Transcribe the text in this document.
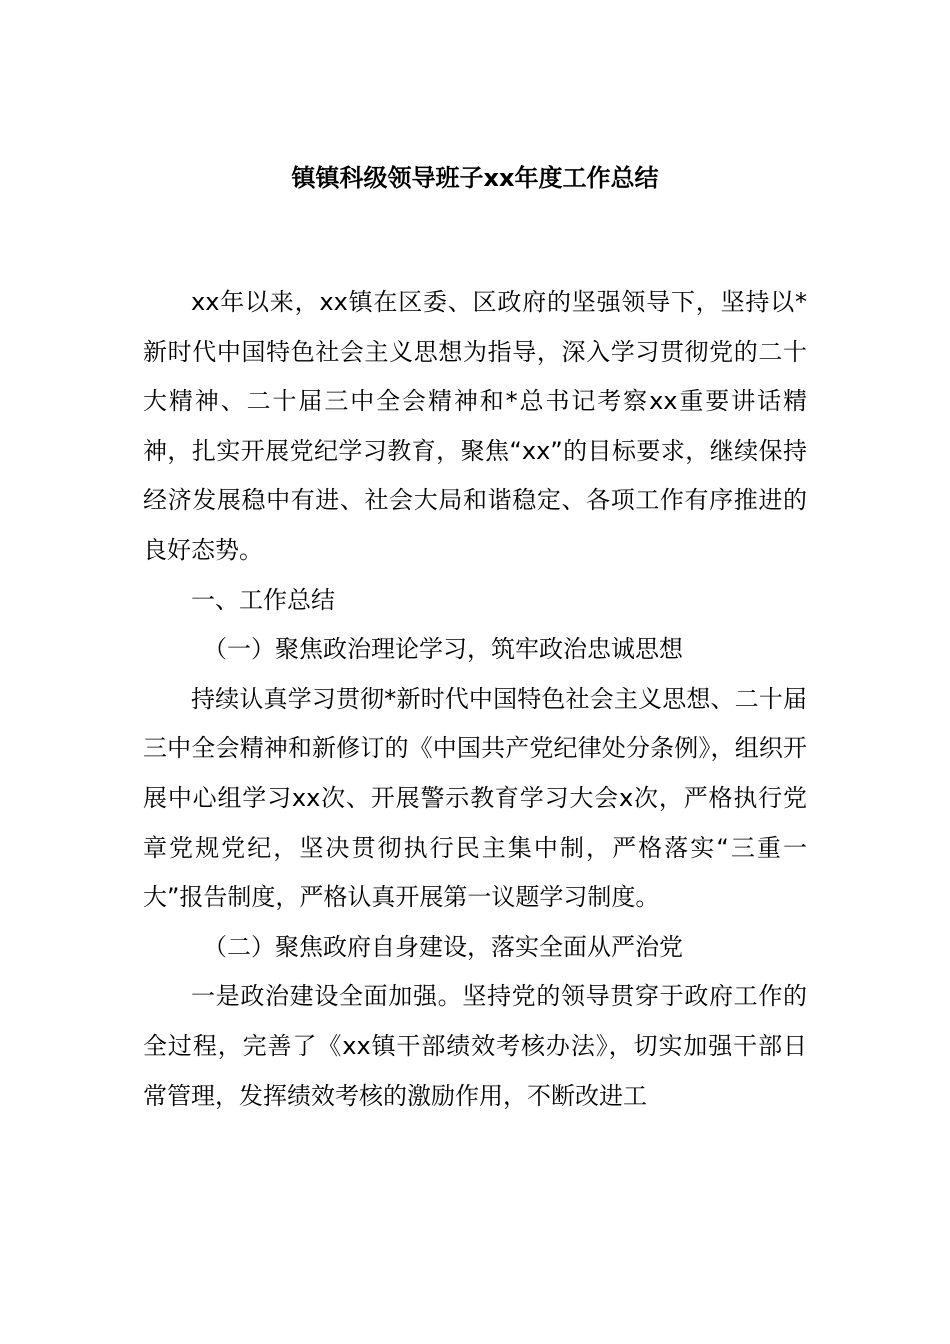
镇镇科级领导班子xx年度工作总结

xx年以来，xx镇在区委、区政府的坚强领导下，坚持以*新时代中国特色社会主义思想为指导，深入学习贯彻党的二十大精神、二十届三中全会精神和*总书记考察xx重要讲话精神，扎实开展党纪学习教育，聚焦“xx”的目标要求，继续保持经济发展稳中有进、社会大局和谐稳定、各项工作有序推进的良好态势。

一、工作总结

（一）聚焦政治理论学习，筑牢政治忠诚思想

持续认真学习贯彻*新时代中国特色社会主义思想、二十届三中全会精神和新修订的《中国共产党纪律处分条例》，组织开展中心组学习xx次、开展警示教育学习大会x次，严格执行党章党规党纪，坚决贯彻执行民主集中制，严格落实“三重一大”报告制度，严格认真开展第一议题学习制度。

（二）聚焦政府自身建设，落实全面从严治党

一是政治建设全面加强。坚持党的领导贯穿于政府工作的全过程，完善了《xx镇干部绩效考核办法》，切实加强干部日常管理，发挥绩效考核的激励作用，不断改进工
